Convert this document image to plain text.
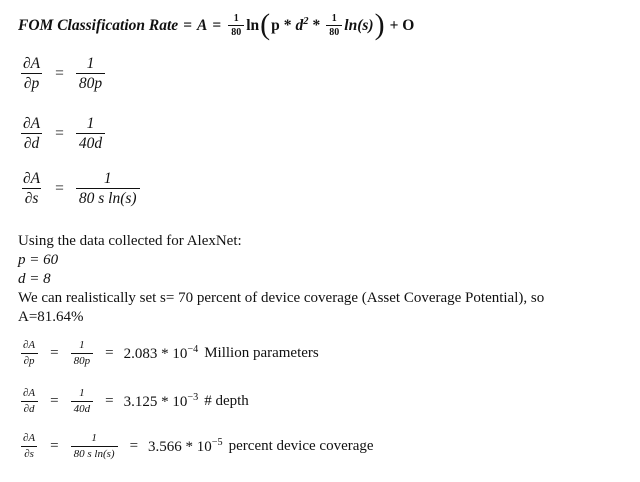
FOM Classification Rate = $A = \frac{1}{80}$ ln ( p * $d^2 * \frac{1}{80} \ln(s)$ ) + O
$\frac{\partial A}{\partial p} = \frac{1}{80p}$
$\frac{\partial A}{\partial d} = \frac{1}{40d}$
$\frac{\partial A}{\partial s} = \frac{1}{\text{80 s ln(s)}}$
Using the data collected for AlexNet:
p = 60
d = 8
We can realistically set s= 70 percent of device coverage (Asset Coverage Potential), so
A=81.64%
$\frac{\partial A}{\partial p} = \frac{1}{80p} = 2.083 * 10^{-4}$ Million parameters
$\frac{\partial A}{\partial d} = \frac{1}{40d} = 3.125 * 10^{-3}$ # depth
$\frac{\partial A}{\partial s} = \frac{1}{\text{80 s ln(s)}} = 3.566 * 10^{-5}$ percent device coverage
